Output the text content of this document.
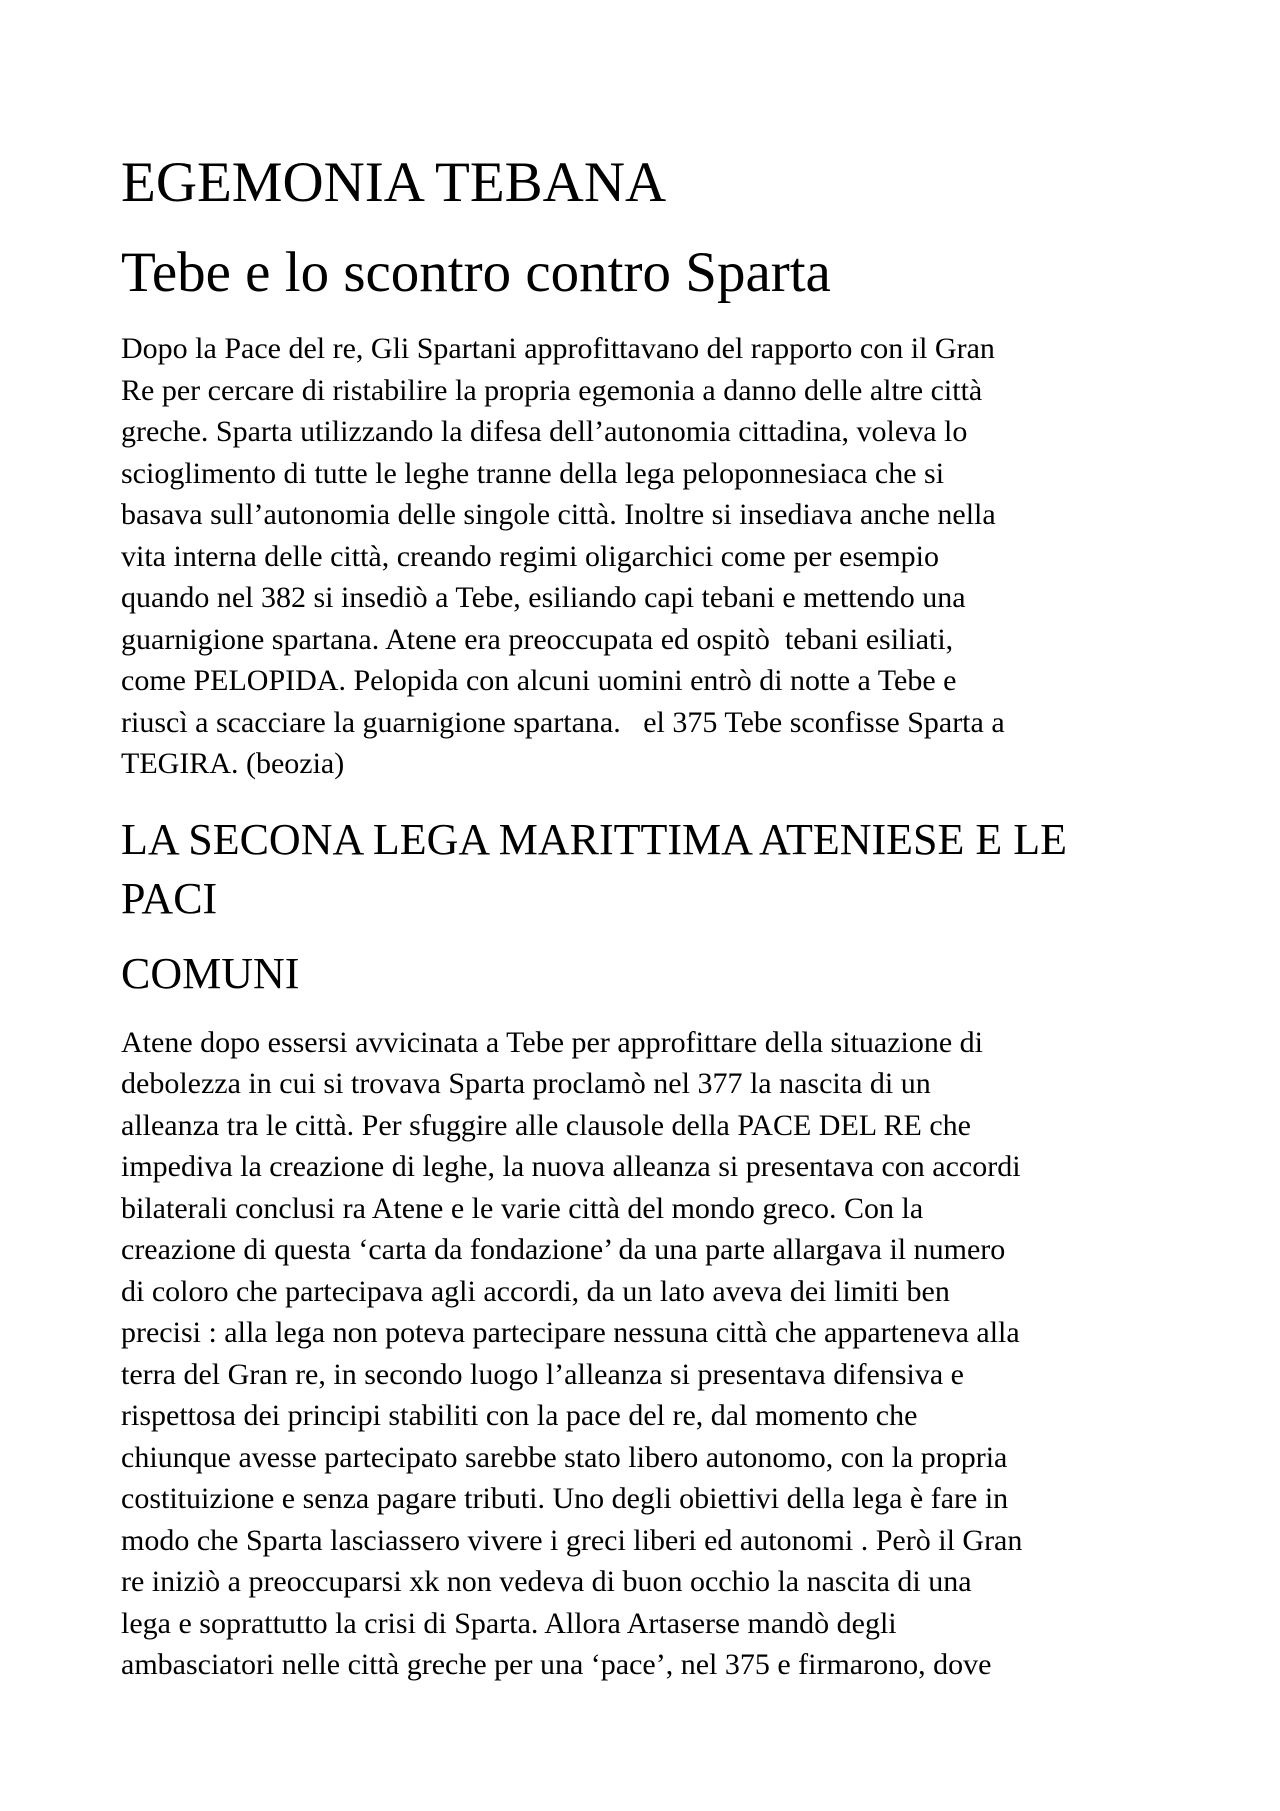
EGEMONIA TEBANA
Tebe e lo scontro contro Sparta

Dopo la Pace del re, Gli Spartani approfittavano del rapporto con il Gran
Re per cercare di ristabilire la propria egemonia a danno delle altre città
greche. Sparta utilizzando la difesa dell’autonomia cittadina, voleva lo
scioglimento di tutte le leghe tranne della lega peloponnesiaca che si
basava sull’autonomia delle singole città. Inoltre si insediava anche nella
vita interna delle città, creando regimi oligarchici come per esempio
quando nel 382 si insediò a Tebe, esiliando capi tebani e mettendo una
guarnigione spartana. Atene era preoccupata ed ospitò  tebani esiliati,
come PELOPIDA. Pelopida con alcuni uomini entrò di notte a Tebe e
riuscì a scacciare la guarnigione spartana.   el 375 Tebe sconfisse Sparta a
TEGIRA. (beozia)

LA SECONA LEGA MARITTIMA ATENIESE E LE
PACI
COMUNI

Atene dopo essersi avvicinata a Tebe per approfittare della situazione di
debolezza in cui si trovava Sparta proclamò nel 377 la nascita di un
alleanza tra le città. Per sfuggire alle clausole della PACE DEL RE che
impediva la creazione di leghe, la nuova alleanza si presentava con accordi
bilaterali conclusi ra Atene e le varie città del mondo greco. Con la
creazione di questa ‘carta da fondazione’ da una parte allargava il numero
di coloro che partecipava agli accordi, da un lato aveva dei limiti ben
precisi : alla lega non poteva partecipare nessuna città che apparteneva alla
terra del Gran re, in secondo luogo l’alleanza si presentava difensiva e
rispettosa dei principi stabiliti con la pace del re, dal momento che
chiunque avesse partecipato sarebbe stato libero autonomo, con la propria
costituizione e senza pagare tributi. Uno degli obiettivi della lega è fare in
modo che Sparta lasciassero vivere i greci liberi ed autonomi . Però il Gran
re iniziò a preoccuparsi xk non vedeva di buon occhio la nascita di una
lega e soprattutto la crisi di Sparta. Allora Artaserse mandò degli
ambasciatori nelle città greche per una ‘pace’, nel 375 e firmarono, dove
